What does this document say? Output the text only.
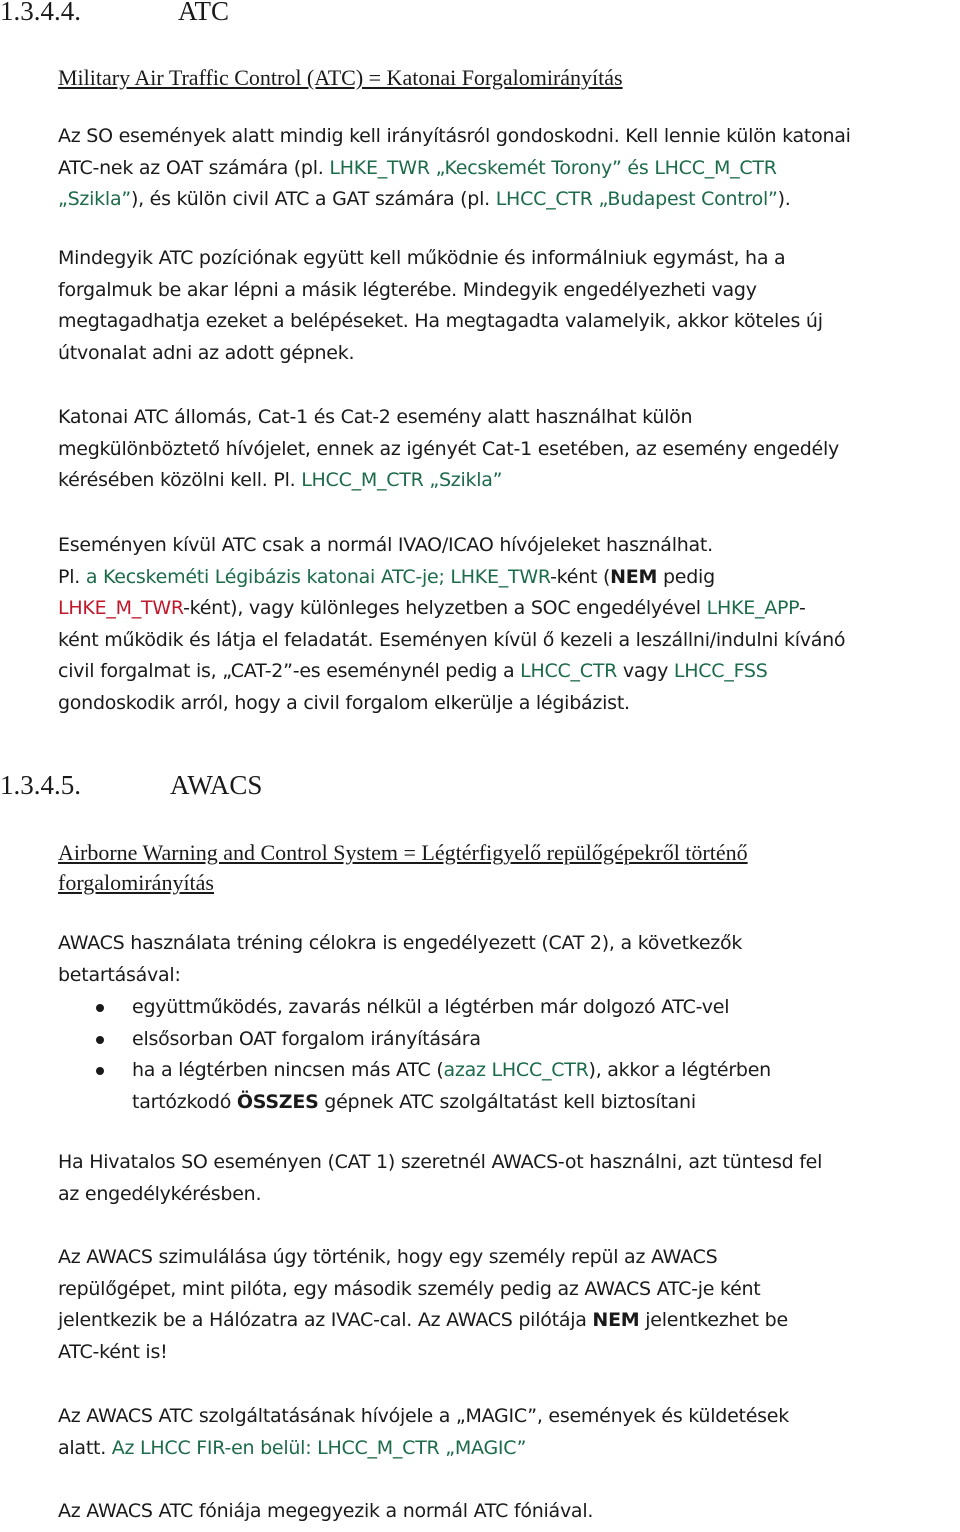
1.3.4.4.	ATC
Military Air Traffic Control (ATC) = Katonai Forgalomirányítás
Az SO események alatt mindig kell irányításról gondoskodni. Kell lennie külön katonai
ATC-nek az OAT számára (pl. LHKE_TWR „Kecskemét Torony” és LHCC_M_CTR
„Szikla”), és külön civil ATC a GAT számára (pl. LHCC_CTR „Budapest Control”).
Mindegyik ATC pozíciónak együtt kell működnie és informálniuk egymást, ha a
forgalmuk be akar lépni a másik légterébe. Mindegyik engedélyezheti vagy
megtagadhatja ezeket a belépéseket. Ha megtagadta valamelyik, akkor köteles új
útvonalat adni az adott gépnek.
Katonai ATC állomás, Cat-1 és Cat-2 esemény alatt használhat külön
megkülönböztető hívójelet, ennek az igényét Cat-1 esetében, az esemény engedély
kérésében közölni kell. Pl. LHCC_M_CTR „Szikla”
Eseményen kívül ATC csak a normál IVAO/ICAO hívójeleket használhat.
Pl. a Kecskeméti Légibázis katonai ATC-je; LHKE_TWR-ként (NEM pedig
LHKE_M_TWR-ként), vagy különleges helyzetben a SOC engedélyével LHKE_APP-
ként működik és látja el feladatát. Eseményen kívül ő kezeli a leszállni/indulni kívánó
civil forgalmat is, „CAT-2”-es eseménynél pedig a LHCC_CTR vagy LHCC_FSS
gondoskodik arról, hogy a civil forgalom elkerülje a légibázist.
1.3.4.5.	AWACS
Airborne Warning and Control System = Légtérfigyelő repülőgépekről történő
forgalomirányítás
AWACS használata tréning célokra is engedélyezett (CAT 2), a következők
betartásával:
együttműködés, zavarás nélkül a légtérben már dolgozó ATC-vel
elsősorban OAT forgalom irányítására
ha a légtérben nincsen más ATC (azaz LHCC_CTR), akkor a légtérben
tartózkodó ÖSSZES gépnek ATC szolgáltatást kell biztosítani
Ha Hivatalos SO eseményen (CAT 1) szeretnél AWACS-ot használni, azt tüntesd fel
az engedélykérésben.
Az AWACS szimulálása úgy történik, hogy egy személy repül az AWACS
repülőgépet, mint pilóta, egy második személy pedig az AWACS ATC-je ként
jelentkezik be a Hálózatra az IVAC-cal. Az AWACS pilótája NEM jelentkezhet be
ATC-ként is!
Az AWACS ATC szolgáltatásának hívójele a „MAGIC”, események és küldetések
alatt. Az LHCC FIR-en belül: LHCC_M_CTR „MAGIC”
Az AWACS ATC fóniája megegyezik a normál ATC fóniával.
